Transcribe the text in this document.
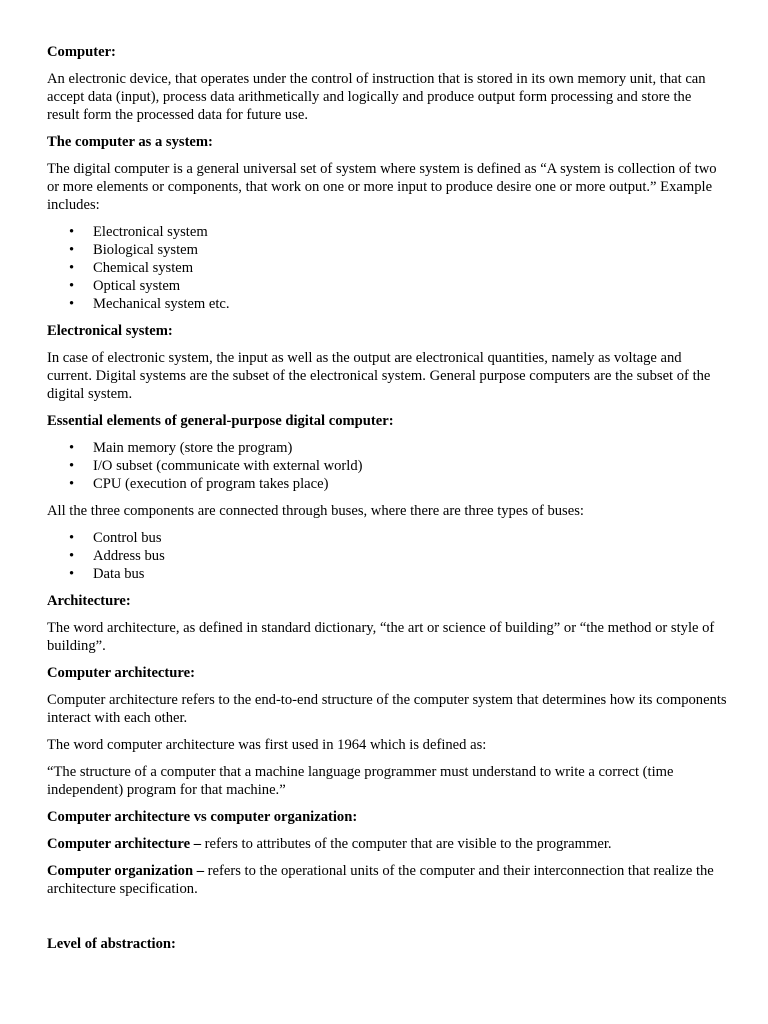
Computer:
An electronic device, that operates under the control of instruction that is stored in its own memory unit, that can accept data (input), process data arithmetically and logically and produce output form processing and store the result form the processed data for future use.
The computer as a system:
The digital computer is a general universal set of system where system is defined as “A system is collection of two or more elements or components, that work on one or more input to produce desire one or more output.” Example includes:
• Electronical system
• Biological system
• Chemical system
• Optical system
• Mechanical system etc.
Electronical system:
In case of electronic system, the input as well as the output are electronical quantities, namely as voltage and current. Digital systems are the subset of the electronical system. General purpose computers are the subset of the digital system.
Essential elements of general-purpose digital computer:
• Main memory (store the program)
• I/O subset (communicate with external world)
• CPU (execution of program takes place)
All the three components are connected through buses, where there are three types of buses:
• Control bus
• Address bus
• Data bus
Architecture:
The word architecture, as defined in standard dictionary, “the art or science of building” or “the method or style of building”.
Computer architecture:
Computer architecture refers to the end-to-end structure of the computer system that determines how its components interact with each other.
The word computer architecture was first used in 1964 which is defined as:
“The structure of a computer that a machine language programmer must understand to write a correct (time independent) program for that machine.”
Computer architecture vs computer organization:
Computer architecture – refers to attributes of the computer that are visible to the programmer.
Computer organization – refers to the operational units of the computer and their interconnection that realize the architecture specification.
Level of abstraction:
